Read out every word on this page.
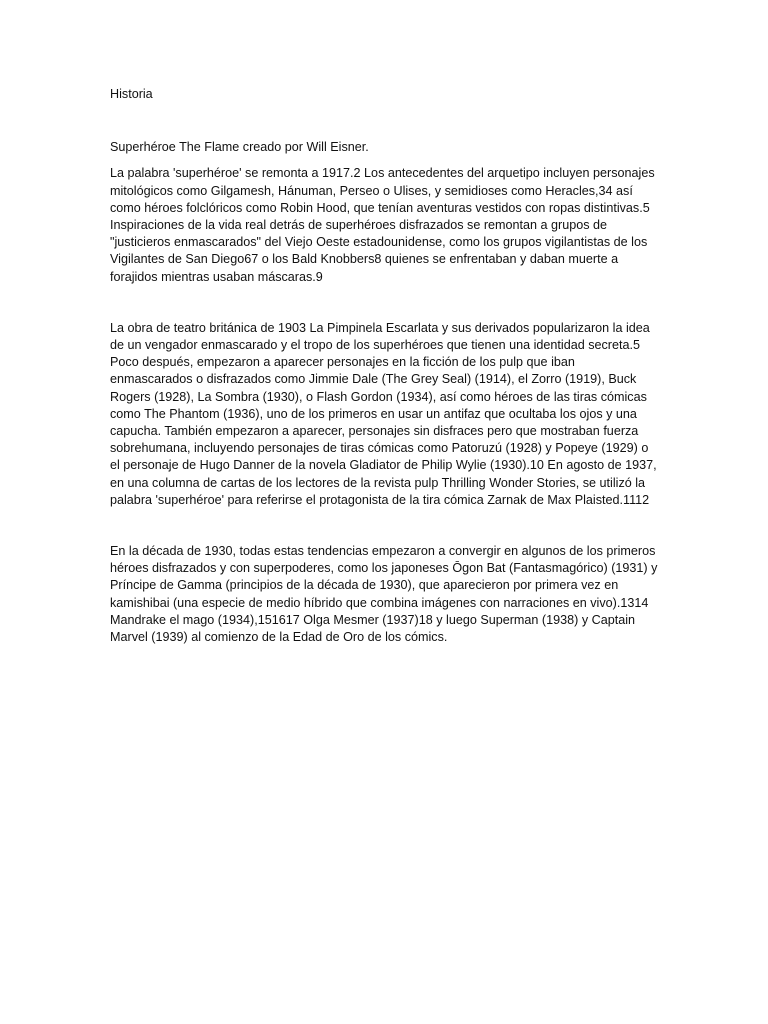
Historia

Superhéroe The Flame creado por Will Eisner.

La palabra 'superhéroe' se remonta a 1917.2 Los antecedentes del arquetipo incluyen personajes mitológicos como Gilgamesh, Hánuman, Perseo o Ulises, y semidioses como Heracles,34 así como héroes folclóricos como Robin Hood, que tenían aventuras vestidos con ropas distintivas.5 Inspiraciones de la vida real detrás de superhéroes disfrazados se remontan a grupos de "justicieros enmascarados" del Viejo Oeste estadounidense, como los grupos vigilantistas de los Vigilantes de San Diego67 o los Bald Knobbers8 quienes se enfrentaban y daban muerte a forajidos mientras usaban máscaras.9

La obra de teatro británica de 1903 La Pimpinela Escarlata y sus derivados popularizaron la idea de un vengador enmascarado y el tropo de los superhéroes que tienen una identidad secreta.5 Poco después, empezaron a aparecer personajes en la ficción de los pulp que iban enmascarados o disfrazados como Jimmie Dale (The Grey Seal) (1914), el Zorro (1919), Buck Rogers (1928), La Sombra (1930), o Flash Gordon (1934), así como héroes de las tiras cómicas como The Phantom (1936), uno de los primeros en usar un antifaz que ocultaba los ojos y una capucha. También empezaron a aparecer, personajes sin disfraces pero que mostraban fuerza sobrehumana, incluyendo personajes de tiras cómicas como Patoruzú (1928) y Popeye (1929) o el personaje de Hugo Danner de la novela Gladiator de Philip Wylie (1930).10 En agosto de 1937, en una columna de cartas de los lectores de la revista pulp Thrilling Wonder Stories, se utilizó la palabra 'superhéroe' para referirse el protagonista de la tira cómica Zarnak de Max Plaisted.1112

En la década de 1930, todas estas tendencias empezaron a convergir en algunos de los primeros héroes disfrazados y con superpoderes, como los japoneses Ōgon Bat (Fantasmagórico) (1931) y Príncipe de Gamma (principios de la década de 1930), que aparecieron por primera vez en kamishibai (una especie de medio híbrido que combina imágenes con narraciones en vivo).1314 Mandrake el mago (1934),151617 Olga Mesmer (1937)18 y luego Superman (1938) y Captain Marvel (1939) al comienzo de la Edad de Oro de los cómics.
